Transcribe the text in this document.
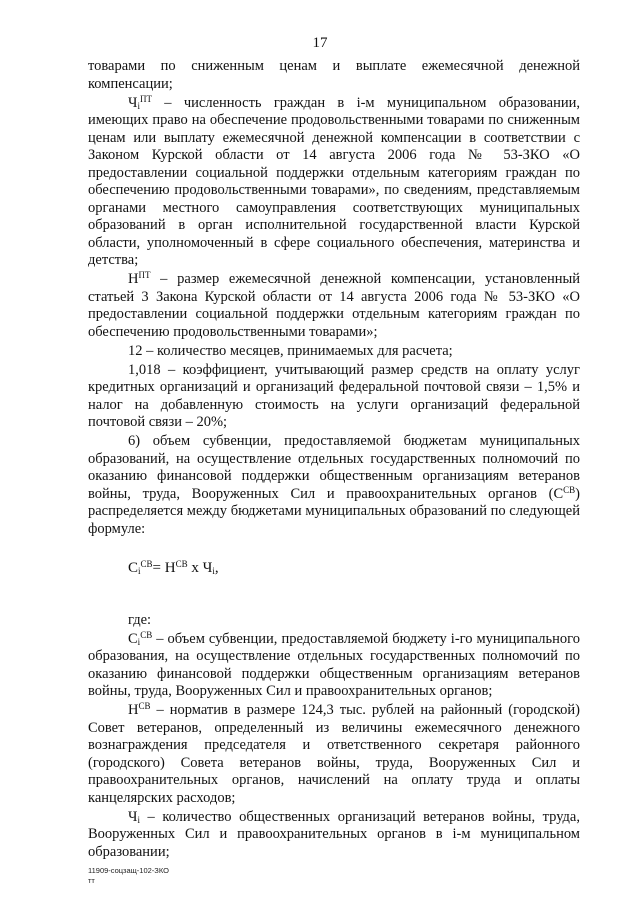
17

товарами по сниженным ценам и выплате ежемесячной денежной компенсации;

$Ч_i^{ПТ}$ – численность граждан в i-м муниципальном образовании, имеющих право на обеспечение продовольственными товарами по сниженным ценам или выплату ежемесячной денежной компенсации в соответствии с Законом Курской области от 14 августа 2006 года № 53-ЗКО «О предоставлении социальной поддержки отдельным категориям граждан по обеспечению продовольственными товарами», по сведениям, представляемым органами местного самоуправления соответствующих муниципальных образований в орган исполнительной государственной власти Курской области, уполномоченный в сфере социального обеспечения, материнства и детства;

$Н^{ПТ}$ – размер ежемесячной денежной компенсации, установленный статьей 3 Закона Курской области от 14 августа 2006 года № 53-ЗКО «О предоставлении социальной поддержки отдельным категориям граждан по обеспечению продовольственными товарами»;

12 – количество месяцев, принимаемых для расчета;

1,018 – коэффициент, учитывающий размер средств на оплату услуг кредитных организаций и организаций федеральной почтовой связи – 1,5% и налог на добавленную стоимость на услуги организаций федеральной почтовой связи – 20%;

6) объем субвенции, предоставляемой бюджетам муниципальных образований, на осуществление отдельных государственных полномочий по оказанию финансовой поддержки общественным организациям ветеранов войны, труда, Вооруженных Сил и правоохранительных органов $(С^{СВ})$ распределяется между бюджетами муниципальных образований по следующей формуле:

$С_i^{СВ}= Н^{СВ}$ х $Ч_i$,

где:

$С_i^{СВ}$ – объем субвенции, предоставляемой бюджету i-го муниципального образования, на осуществление отдельных государственных полномочий по оказанию финансовой поддержки общественным организациям ветеранов войны, труда, Вооруженных Сил и правоохранительных органов;

$Н^{СВ}$ – норматив в размере 124,3 тыс. рублей на районный (городской) Совет ветеранов, определенный из величины ежемесячного денежного вознаграждения председателя и ответственного секретаря районного (городского) Совета ветеранов войны, труда, Вооруженных Сил и правоохранительных органов, начислений на оплату труда и оплаты канцелярских расходов;

$Ч_i$ – количество общественных организаций ветеранов войны, труда, Вооруженных Сил и правоохранительных органов в i-м муниципальном образовании;

11909-соцзащ-102-ЗКО
тт
